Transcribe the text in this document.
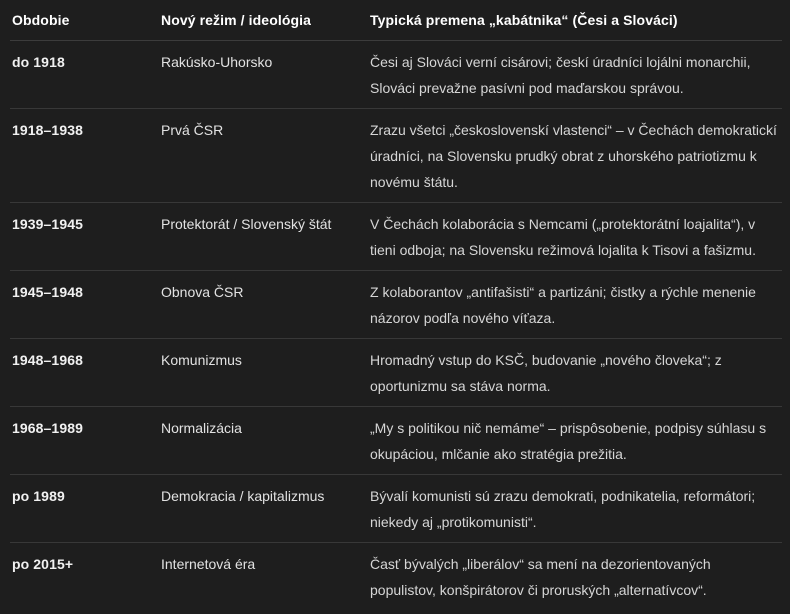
Obdobie	Nový režim / ideológia	Typická premena „kabátnika“ (Česi a Slováci)
do 1918	Rakúsko-Uhorsko	Česi aj Slováci verní cisárovi; českí úradníci lojálni monarchii, Slováci prevažne pasívni pod maďarskou správou.
1918–1938	Prvá ČSR	Zrazu všetci „československí vlastenci“ – v Čechách demokratickí úradníci, na Slovensku prudký obrat z uhorského patriotizmu k novému štátu.
1939–1945	Protektorát / Slovenský štát	V Čechách kolaborácia s Nemcami („protektorátní loajalita“), v tieni odboja; na Slovensku režimová lojalita k Tisovi a fašizmu.
1945–1948	Obnova ČSR	Z kolaborantov „antifašisti“ a partizáni; čistky a rýchle menenie názorov podľa nového víťaza.
1948–1968	Komunizmus	Hromadný vstup do KSČ, budovanie „nového človeka“; z oportunizmu sa stáva norma.
1968–1989	Normalizácia	„My s politikou nič nemáme“ – prispôsobenie, podpisy súhlasu s okupáciou, mlčanie ako stratégia prežitia.
po 1989	Demokracia / kapitalizmus	Bývalí komunisti sú zrazu demokrati, podnikatelia, reformátori; niekedy aj „protikomunisti“.
po 2015+	Internetová éra	Časť bývalých „liberálov“ sa mení na dezorientovaných populistov, konšpirátorov či proruských „alternatívcov“.
